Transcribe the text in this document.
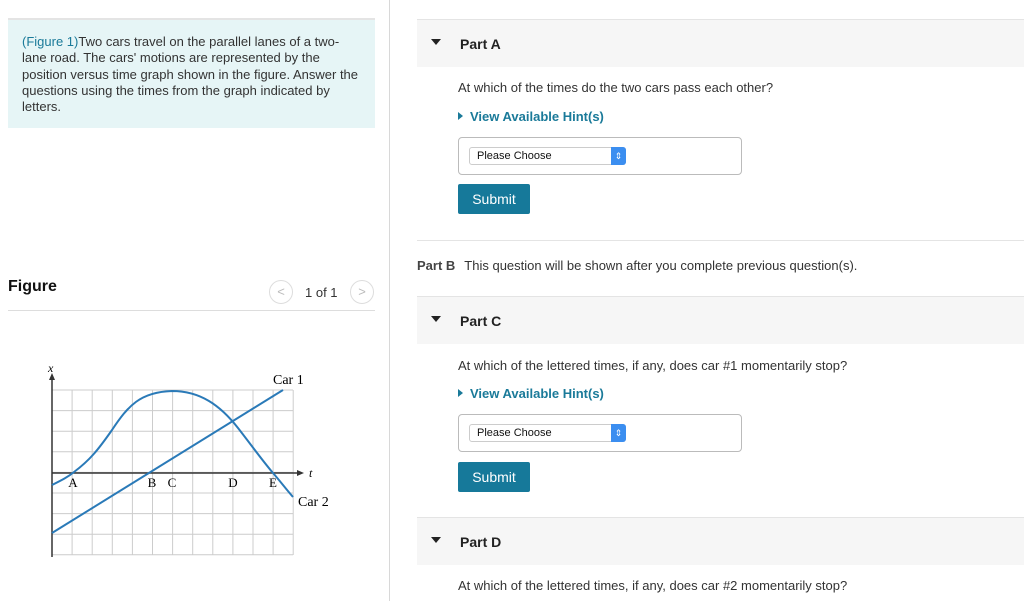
(Figure 1)Two cars travel on the parallel lanes of a two-lane road. The cars' motions are represented by the position versus time graph shown in the figure. Answer the questions using the times from the graph indicated by letters.
Figure	<	1 of 1	>
x
t
Car 1
Car 2
A	B C	D E
Part A
At which of the times do the two cars pass each other?
View Available Hint(s)
Please Choose	⇕
Submit
Part B This question will be shown after you complete previous question(s).
Part C
At which of the lettered times, if any, does car #1 momentarily stop?
View Available Hint(s)
Please Choose	⇕
Submit
Part D
At which of the lettered times, if any, does car #2 momentarily stop?
